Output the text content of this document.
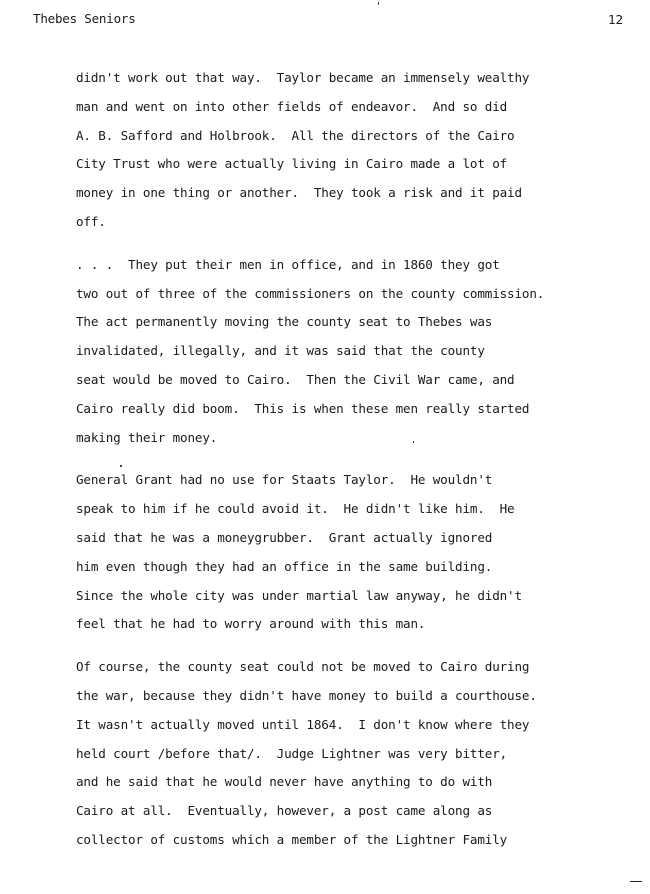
Thebes Seniors	12
didn't work out that way.  Taylor became an immensely wealthy
man and went on into other fields of endeavor.  And so did
A. B. Safford and Holbrook.  All the directors of the Cairo
City Trust who were actually living in Cairo made a lot of
money in one thing or another.  They took a risk and it paid
off.
. . .  They put their men in office, and in 1860 they got
two out of three of the commissioners on the county commission.
The act permanently moving the county seat to Thebes was
invalidated, illegally, and it was said that the county
seat would be moved to Cairo.  Then the Civil War came, and
Cairo really did boom.  This is when these men really started
making their money.
General Grant had no use for Staats Taylor.  He wouldn't
speak to him if he could avoid it.  He didn't like him.  He
said that he was a moneygrubber.  Grant actually ignored
him even though they had an office in the same building.
Since the whole city was under martial law anyway, he didn't
feel that he had to worry around with this man.
Of course, the county seat could not be moved to Cairo during
the war, because they didn't have money to build a courthouse.
It wasn't actually moved until 1864.  I don't know where they
held court /before that/.  Judge Lightner was very bitter,
and he said that he would never have anything to do with
Cairo at all.  Eventually, however, a post came along as
collector of customs which a member of the Lightner Family
